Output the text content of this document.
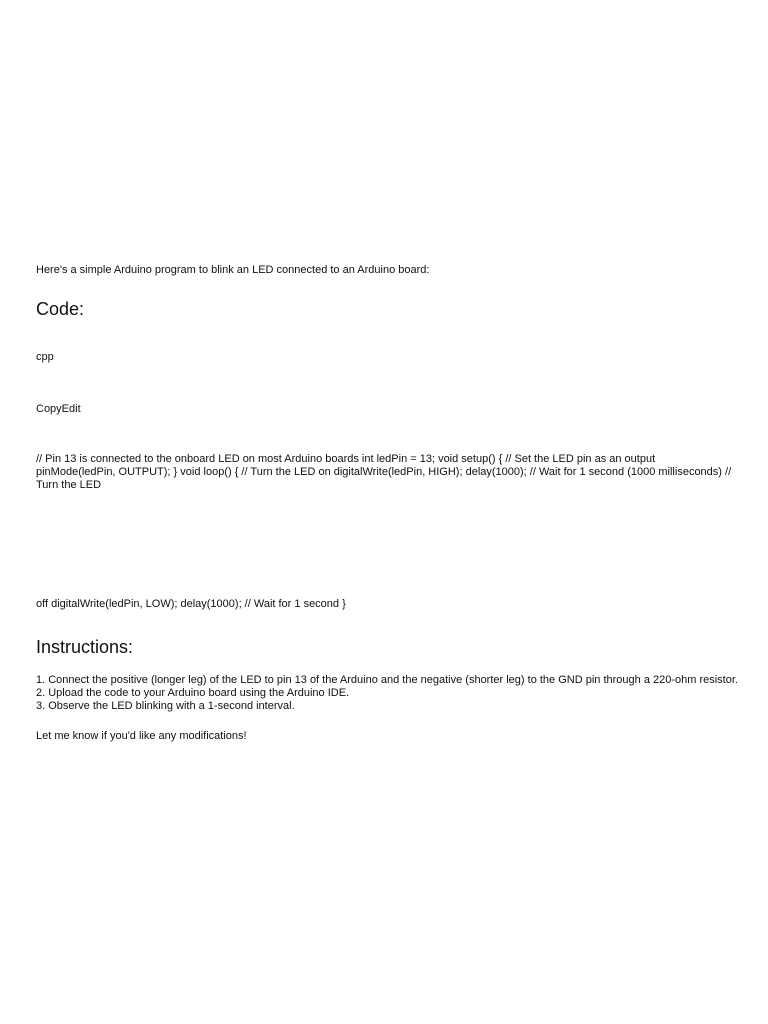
Here's a simple Arduino program to blink an LED connected to an Arduino board:

Code:

cpp

CopyEdit

// Pin 13 is connected to the onboard LED on most Arduino boards int ledPin = 13; void setup() { // Set the LED pin as an output pinMode(ledPin, OUTPUT); } void loop() { // Turn the LED on digitalWrite(ledPin, HIGH); delay(1000); // Wait for 1 second (1000 milliseconds) // Turn the LED

off digitalWrite(ledPin, LOW); delay(1000); // Wait for 1 second }

Instructions:
1. Connect the positive (longer leg) of the LED to pin 13 of the Arduino and the negative (shorter leg) to the GND pin through a 220-ohm resistor.
2. Upload the code to your Arduino board using the Arduino IDE.
3. Observe the LED blinking with a 1-second interval.

Let me know if you'd like any modifications!
